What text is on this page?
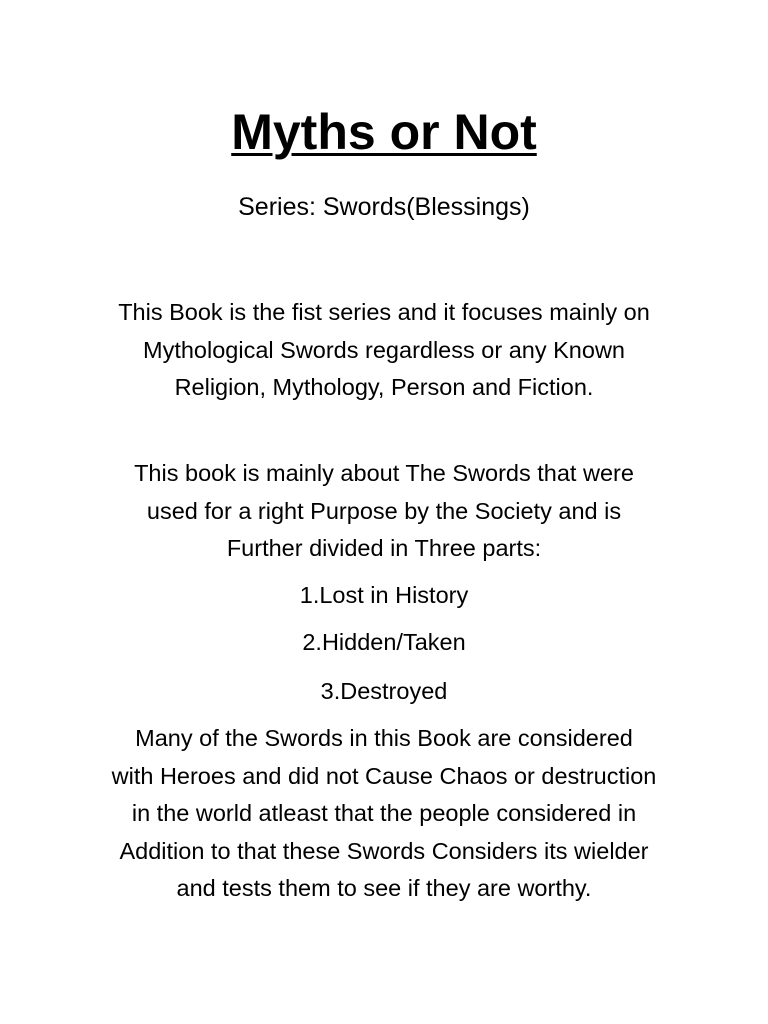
Myths or Not
Series: Swords(Blessings)
This Book is the fist series and it focuses mainly on
Mythological Swords regardless or any Known
Religion, Mythology, Person and Fiction.
This book is mainly about The Swords that were
used for a right Purpose by the Society and is
Further divided in Three parts:
1.Lost in History
2.Hidden/Taken
3.Destroyed
Many of the Swords in this Book are considered
with Heroes and did not Cause Chaos or destruction
in the world atleast that the people considered in
Addition to that these Swords Considers its wielder
and tests them to see if they are worthy.
